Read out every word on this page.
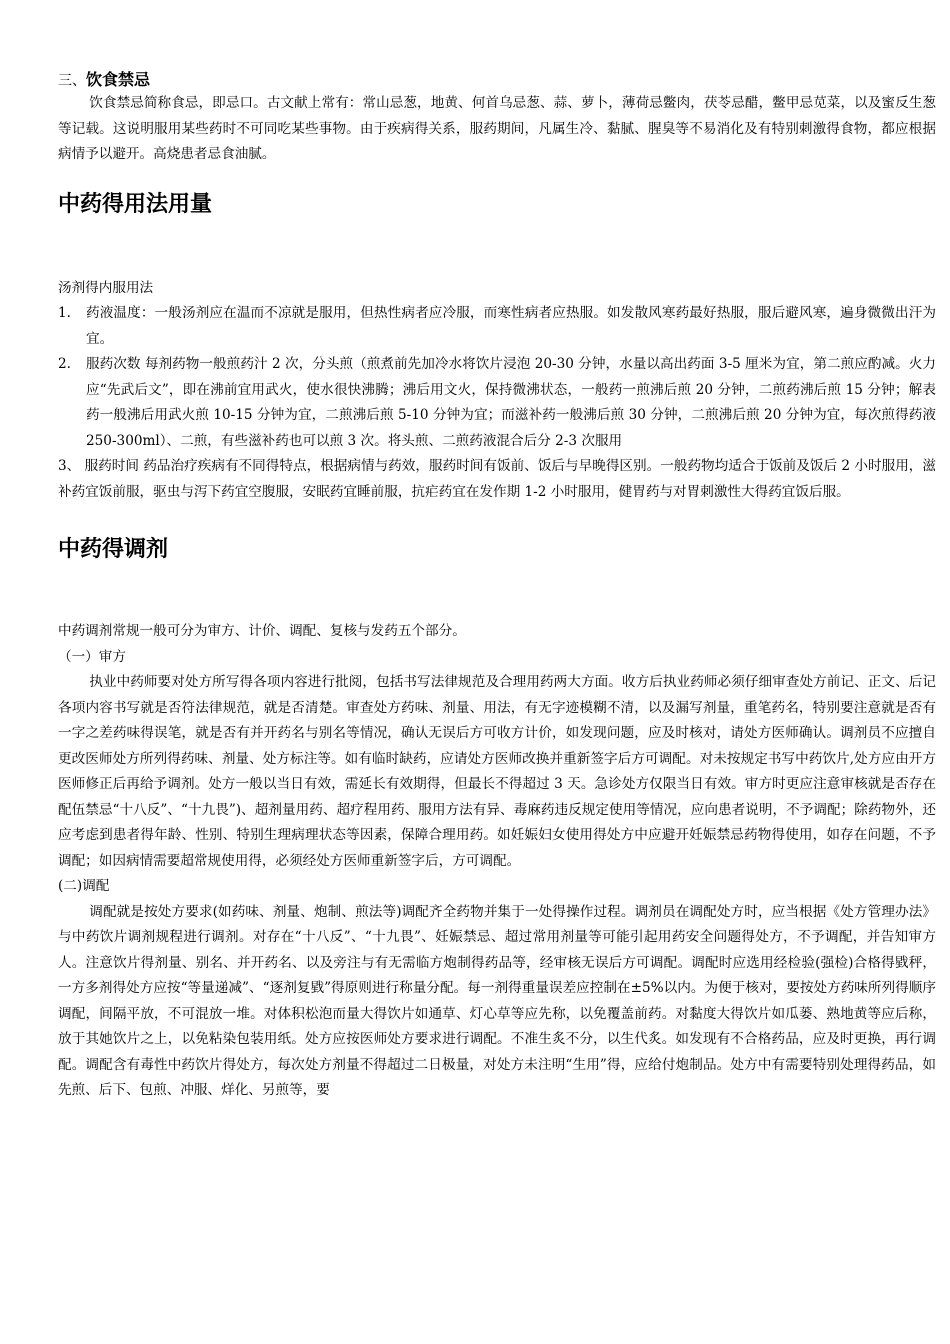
三、饮食禁忌

饮食禁忌简称食忌，即忌口。古文献上常有：常山忌葱，地黄、何首乌忌葱、蒜、萝卜，薄荷忌鳖肉，茯苓忌醋，鳖甲忌苋菜，以及蜜反生葱等记载。这说明服用某些药时不可同吃某些事物。由于疾病得关系，服药期间，凡属生冷、黏腻、腥臭等不易消化及有特别刺激得食物，都应根据病情予以避开。高烧患者忌食油腻。

中药得用法用量

汤剂得内服用法

1. 药液温度：一般汤剂应在温而不凉就是服用，但热性病者应冷服，而寒性病者应热服。如发散风寒药最好热服，服后避风寒，遍身微微出汗为宜。
2. 服药次数 每剂药物一般煎药汁 2 次，分头煎（煎煮前先加冷水将饮片浸泡 20-30 分钟，水量以高出药面 3-5 厘米为宜，第二煎应酌减。火力应“先武后文”，即在沸前宜用武火，使水很快沸腾；沸后用文火，保持微沸状态，一般药一煎沸后煎 20 分钟，二煎药沸后煎 15 分钟；解表药一般沸后用武火煎 10-15 分钟为宜，二煎沸后煎 5-10 分钟为宜；而滋补药一般沸后煎 30 分钟，二煎沸后煎 20 分钟为宜，每次煎得药液 250-300ml）、二煎，有些滋补药也可以煎 3 次。将头煎、二煎药液混合后分 2-3 次服用

3、 服药时间 药品治疗疾病有不同得特点，根据病情与药效，服药时间有饭前、饭后与早晚得区别。一般药物均适合于饭前及饭后 2 小时服用，滋补药宜饭前服，驱虫与泻下药宜空腹服，安眠药宜睡前服，抗疟药宜在发作期 1-2 小时服用，健胃药与对胃刺激性大得药宜饭后服。

中药得调剂

中药调剂常规一般可分为审方、计价、调配、复核与发药五个部分。

（一）审方

执业中药师要对处方所写得各项内容进行批阅，包括书写法律规范及合理用药两大方面。收方后执业药师必须仔细审查处方前记、正文、后记各项内容书写就是否符法律规范，就是否清楚。审查处方药味、剂量、用法，有无字迹模糊不清，以及漏写剂量，重笔药名，特别要注意就是否有一字之差药味得误笔，就是否有并开药名与别名等情况，确认无误后方可收方计价，如发现问题，应及时核对，请处方医师确认。调剂员不应擅自更改医师处方所列得药味、剂量、处方标注等。如有临时缺药，应请处方医师改换并重新签字后方可调配。对未按规定书写中药饮片,处方应由开方医师修正后再给予调剂。处方一般以当日有效，需延长有效期得，但最长不得超过 3 天。急诊处方仅限当日有效。审方时更应注意审核就是否存在配伍禁忌“十八反”、“十九畏”)、超剂量用药、超疗程用药、服用方法有异、毒麻药违反规定使用等情况，应向患者说明，不予调配；除药物外，还应考虑到患者得年龄、性别、特别生理病理状态等因素，保障合理用药。如妊娠妇女使用得处方中应避开妊娠禁忌药物得使用，如存在问题，不予调配；如因病情需要超常规使用得，必须经处方医师重新签字后，方可调配。

(二)调配

调配就是按处方要求(如药味、剂量、炮制、煎法等)调配齐全药物并集于一处得操作过程。调剂员在调配处方时，应当根据《处方管理办法》与中药饮片调剂规程进行调剂。对存在“十八反”、“十九畏”、妊娠禁忌、超过常用剂量等可能引起用药安全问题得处方，不予调配，并告知审方人。注意饮片得剂量、别名、并开药名、以及旁注与有无需临方炮制得药品等，经审核无误后方可调配。调配时应选用经检验(强检)合格得戥秤，一方多剂得处方应按“等量递减”、“逐剂复戥”得原则进行称量分配。每一剂得重量误差应控制在±5%以内。为便于核对，要按处方药味所列得顺序调配，间隔平放，不可混放一堆。对体积松泡而量大得饮片如通草、灯心草等应先称，以免覆盖前药。对黏度大得饮片如瓜蒌、熟地黄等应后称，放于其她饮片之上，以免粘染包装用纸。处方应按医师处方要求进行调配。不准生炙不分，以生代炙。如发现有不合格药品，应及时更换，再行调配。调配含有毒性中药饮片得处方，每次处方剂量不得超过二日极量，对处方未注明“生用”得，应给付炮制品。处方中有需要特别处理得药品，如先煎、后下、包煎、冲服、烊化、另煎等，要
